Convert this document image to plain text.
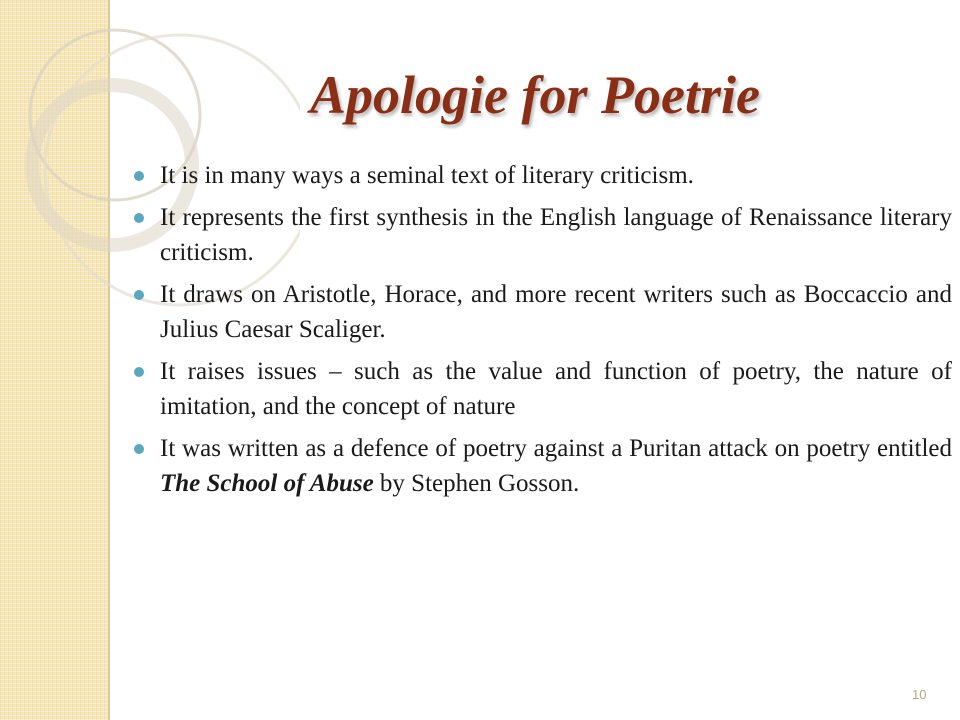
Apologie for Poetrie
It is in many ways a seminal text of literary criticism.
It represents the first synthesis in the English language of Renaissance literary criticism.
It draws on Aristotle, Horace, and more recent writers such as Boccaccio and Julius Caesar Scaliger.
It raises issues – such as the value and function of poetry, the nature of imitation, and the concept of nature
It was written as a defence of poetry against a Puritan attack on poetry entitled The School of Abuse by Stephen Gosson.
10
